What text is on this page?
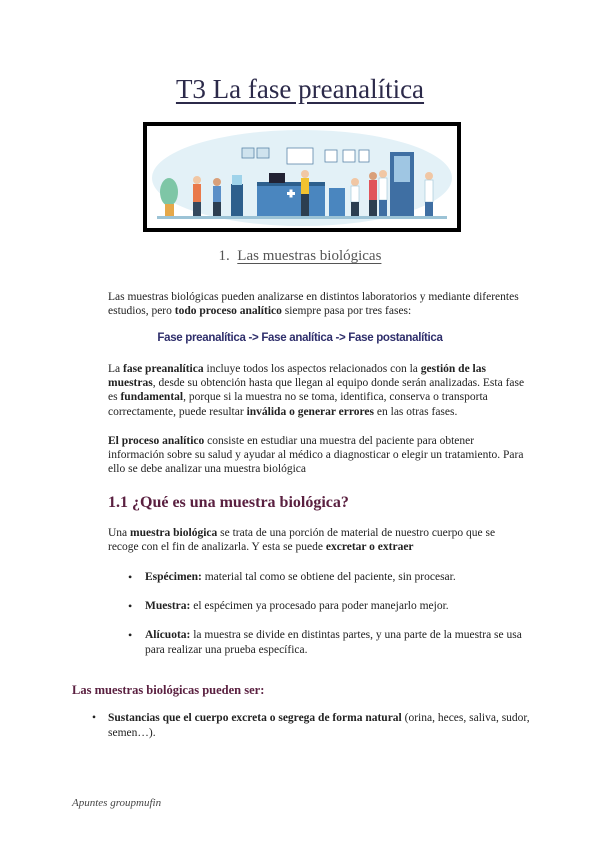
T3 La fase preanalítica
1. Las muestras biológicas
Las muestras biológicas pueden analizarse en distintos laboratorios y mediante diferentes estudios, pero todo proceso analítico siempre pasa por tres fases:
Fase preanalítica -> Fase analítica -> Fase postanalítica
La fase preanalítica incluye todos los aspectos relacionados con la gestión de las muestras, desde su obtención hasta que llegan al equipo donde serán analizadas. Esta fase es fundamental, porque si la muestra no se toma, identifica, conserva o transporta correctamente, puede resultar inválida o generar errores en las otras fases.
El proceso analítico consiste en estudiar una muestra del paciente para obtener información sobre su salud y ayudar al médico a diagnosticar o elegir un tratamiento. Para ello se debe analizar una muestra biológica
1.1 ¿Qué es una muestra biológica?
Una muestra biológica se trata de una porción de material de nuestro cuerpo que se recoge con el fin de analizarla. Y esta se puede excretar o extraer
• Espécimen: material tal como se obtiene del paciente, sin procesar.
• Muestra: el espécimen ya procesado para poder manejarlo mejor.
• Alícuota: la muestra se divide en distintas partes, y una parte de la muestra se usa para realizar una prueba específica.
Las muestras biológicas pueden ser:
• Sustancias que el cuerpo excreta o segrega de forma natural (orina, heces, saliva, sudor, semen…).
Apuntes groupmufin
